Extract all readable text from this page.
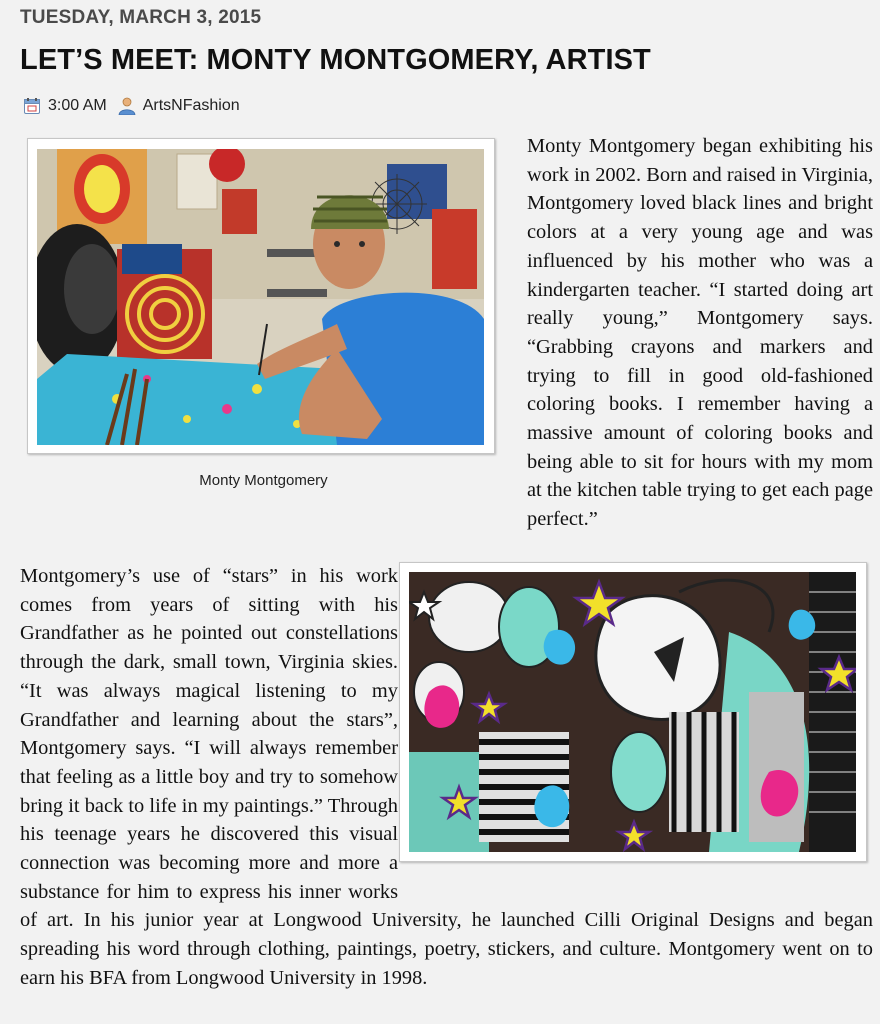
TUESDAY, MARCH 3, 2015
LET’S MEET: MONTY MONTGOMERY, ARTIST
3:00 AM ArtsNFashion
Monty Montgomery

Monty Montgomery began exhibiting his work in 2002. Born and raised in Virginia, Montgomery loved black lines and bright colors at a very young age and was influenced by his mother who was a kindergarten teacher. “I started doing art really young,” Montgomery says. “Grabbing crayons and markers and trying to fill in good old-fashioned coloring books. I remember having a massive amount of coloring books and being able to sit for hours with my mom at the kitchen table trying to get each page perfect.”

Montgomery’s use of “stars” in his work comes from years of sitting with his Grandfather as he pointed out constellations through the dark, small town, Virginia skies. “It was always magical listening to my Grandfather and learning about the stars”, Montgomery says. “I will always remember that feeling as a little boy and try to somehow bring it back to life in my paintings.” Through his teenage years he discovered this visual connection was becoming more and more a substance for him to express his inner works of art. In his junior year at Longwood University, he launched Cilli Original Designs and began spreading his word through clothing, paintings, poetry, stickers, and culture. Montgomery went on to earn his BFA from Longwood University in 1998.
